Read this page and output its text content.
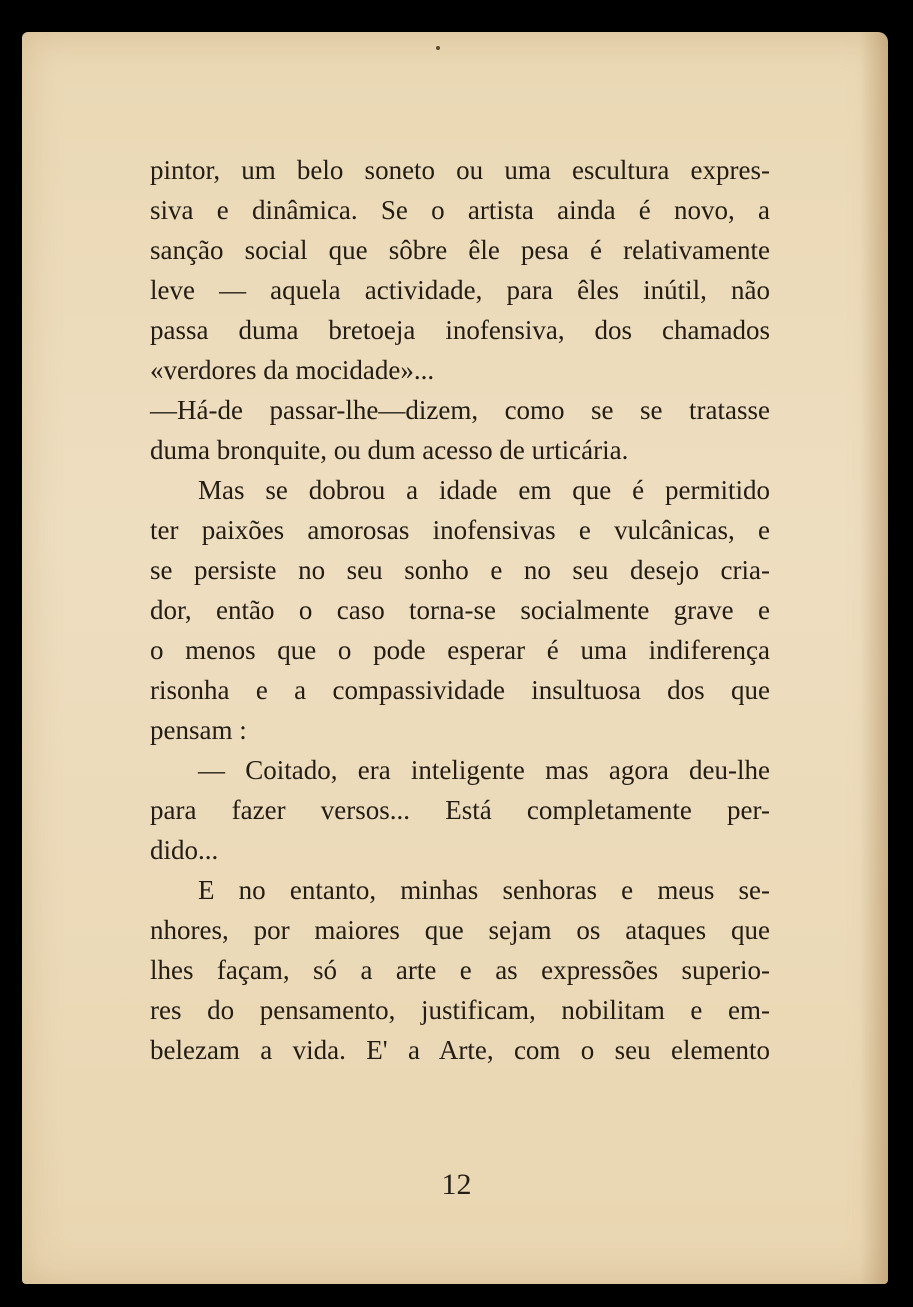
pintor, um belo soneto ou uma escultura expres-
siva e dinâmica. Se o artista ainda é novo, a
sanção social que sôbre êle pesa é relativamente
leve — aquela actividade, para êles inútil, não
passa duma bretoeja inofensiva, dos chamados
«verdores da mocidade»...
—Há-de passar-lhe—dizem, como se se tratasse
duma bronquite, ou dum acesso de urticária.
Mas se dobrou a idade em que é permitido
ter paixões amorosas inofensivas e vulcânicas, e
se persiste no seu sonho e no seu desejo cria-
dor, então o caso torna-se socialmente grave e
o menos que o pode esperar é uma indiferença
risonha e a compassividade insultuosa dos que
pensam :
— Coitado, era inteligente mas agora deu-lhe
para fazer versos... Está completamente per-
dido...
E no entanto, minhas senhoras e meus se-
nhores, por maiores que sejam os ataques que
lhes façam, só a arte e as expressões superio-
res do pensamento, justificam, nobilitam e em-
belezam a vida. E' a Arte, com o seu elemento
12
